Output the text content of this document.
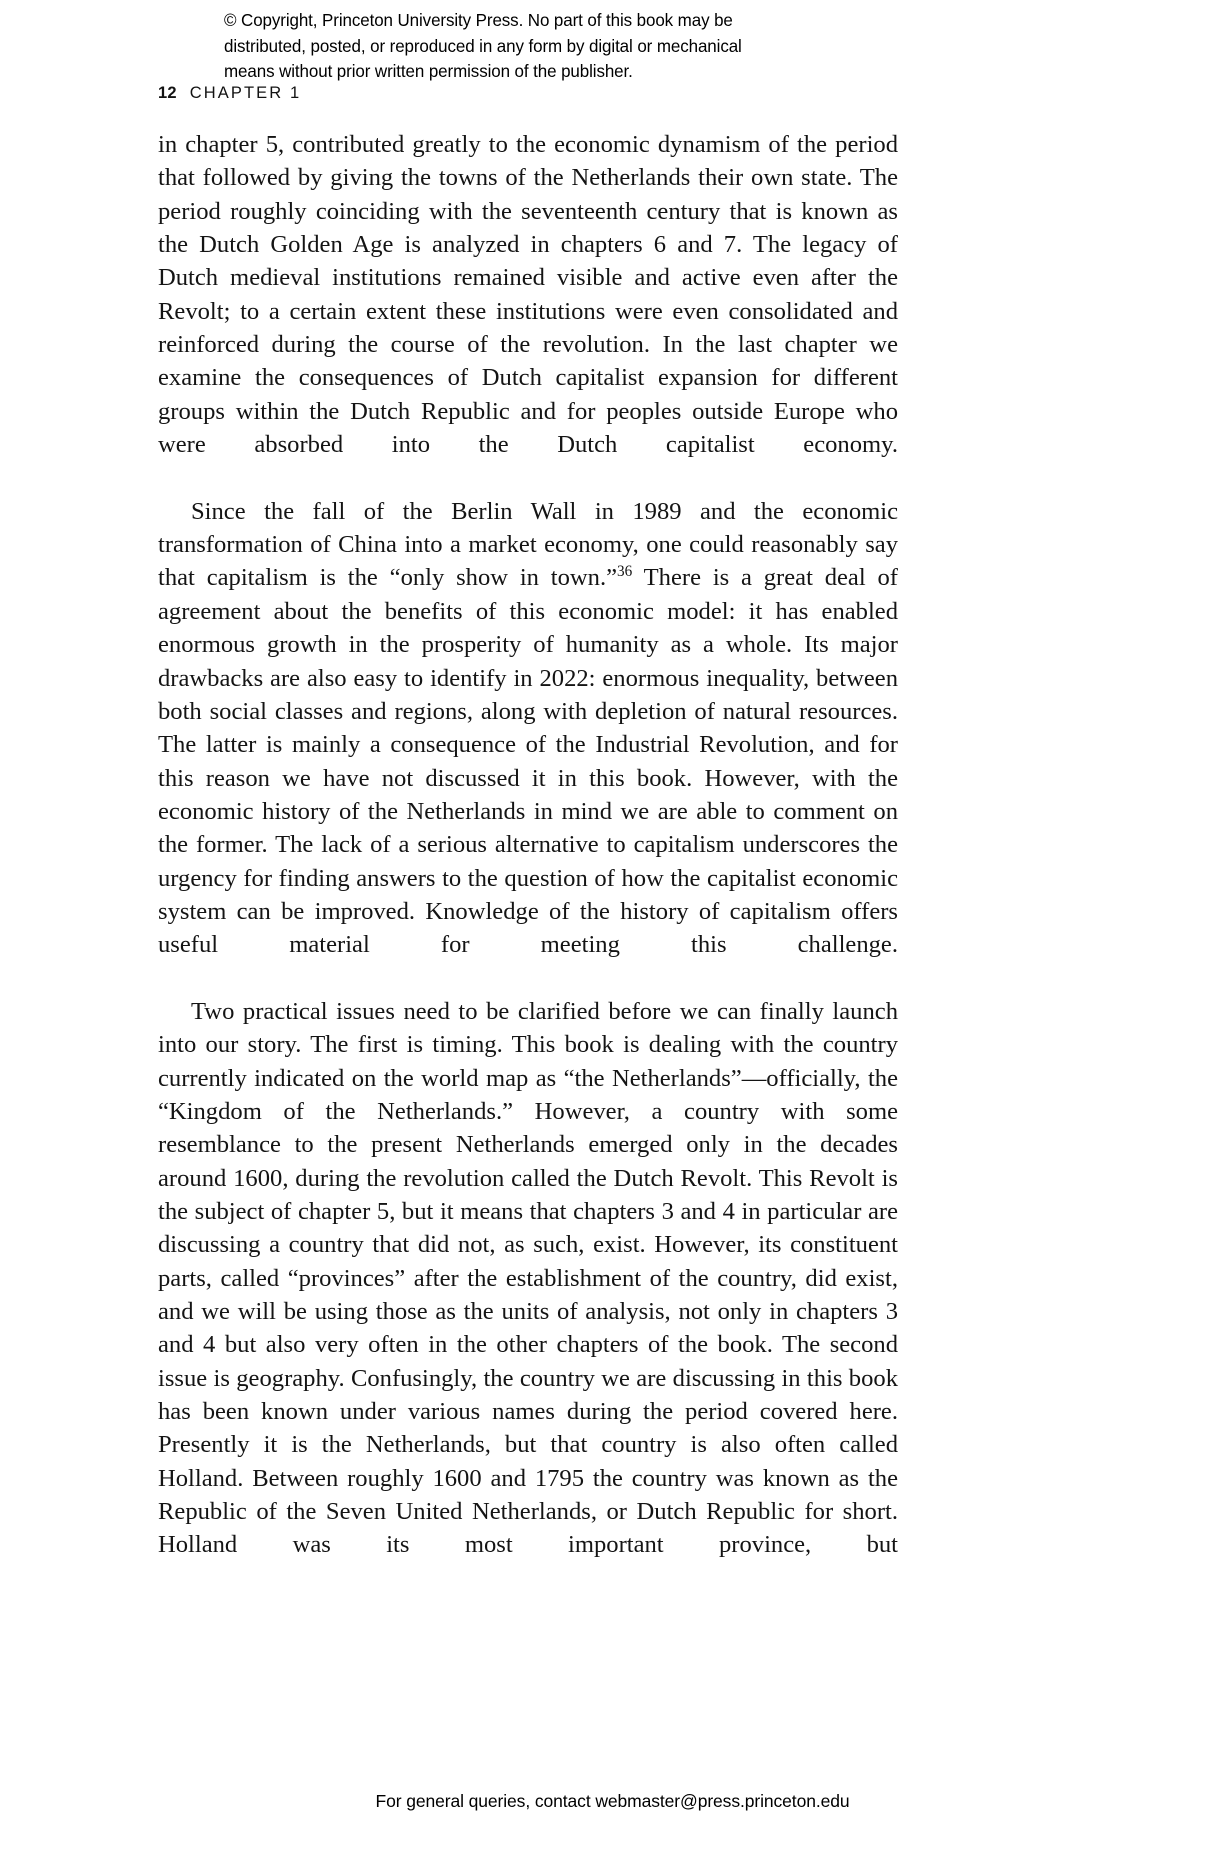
© Copyright, Princeton University Press. No part of this book may be
distributed, posted, or reproduced in any form by digital or mechanical
means without prior written permission of the publisher.
12 CHAPTER 1

in chapter 5, contributed greatly to the economic dynamism of the period that followed by giving the towns of the Netherlands their own state. The period roughly coinciding with the seventeenth century that is known as the Dutch Golden Age is analyzed in chapters 6 and 7. The legacy of Dutch medieval institutions remained visible and active even after the Revolt; to a certain extent these institutions were even consolidated and reinforced during the course of the revolution. In the last chapter we examine the consequences of Dutch capitalist expansion for different groups within the Dutch Republic and for peoples outside Europe who were absorbed into the Dutch capitalist economy.

Since the fall of the Berlin Wall in 1989 and the economic transformation of China into a market economy, one could reasonably say that capitalism is the “only show in town.”$^{36}$ There is a great deal of agreement about the benefits of this economic model: it has enabled enormous growth in the prosperity of humanity as a whole. Its major drawbacks are also easy to identify in 2022: enormous inequality, between both social classes and regions, along with depletion of natural resources. The latter is mainly a consequence of the Industrial Revolution, and for this reason we have not discussed it in this book. However, with the economic history of the Netherlands in mind we are able to comment on the former. The lack of a serious alternative to capitalism underscores the urgency for finding answers to the question of how the capitalist economic system can be improved. Knowledge of the history of capitalism offers useful material for meeting this challenge.

Two practical issues need to be clarified before we can finally launch into our story. The first is timing. This book is dealing with the country currently indicated on the world map as “the Netherlands”—officially, the “Kingdom of the Netherlands.” However, a country with some resemblance to the present Netherlands emerged only in the decades around 1600, during the revolution called the Dutch Revolt. This Revolt is the subject of chapter 5, but it means that chapters 3 and 4 in particular are discussing a country that did not, as such, exist. However, its constituent parts, called “provinces” after the establishment of the country, did exist, and we will be using those as the units of analysis, not only in chapters 3 and 4 but also very often in the other chapters of the book. The second issue is geography. Confusingly, the country we are discussing in this book has been known under various names during the period covered here. Presently it is the Netherlands, but that country is also often called Holland. Between roughly 1600 and 1795 the country was known as the Republic of the Seven United Netherlands, or Dutch Republic for short. Holland was its most important province, but

For general queries, contact webmaster@press.princeton.edu
